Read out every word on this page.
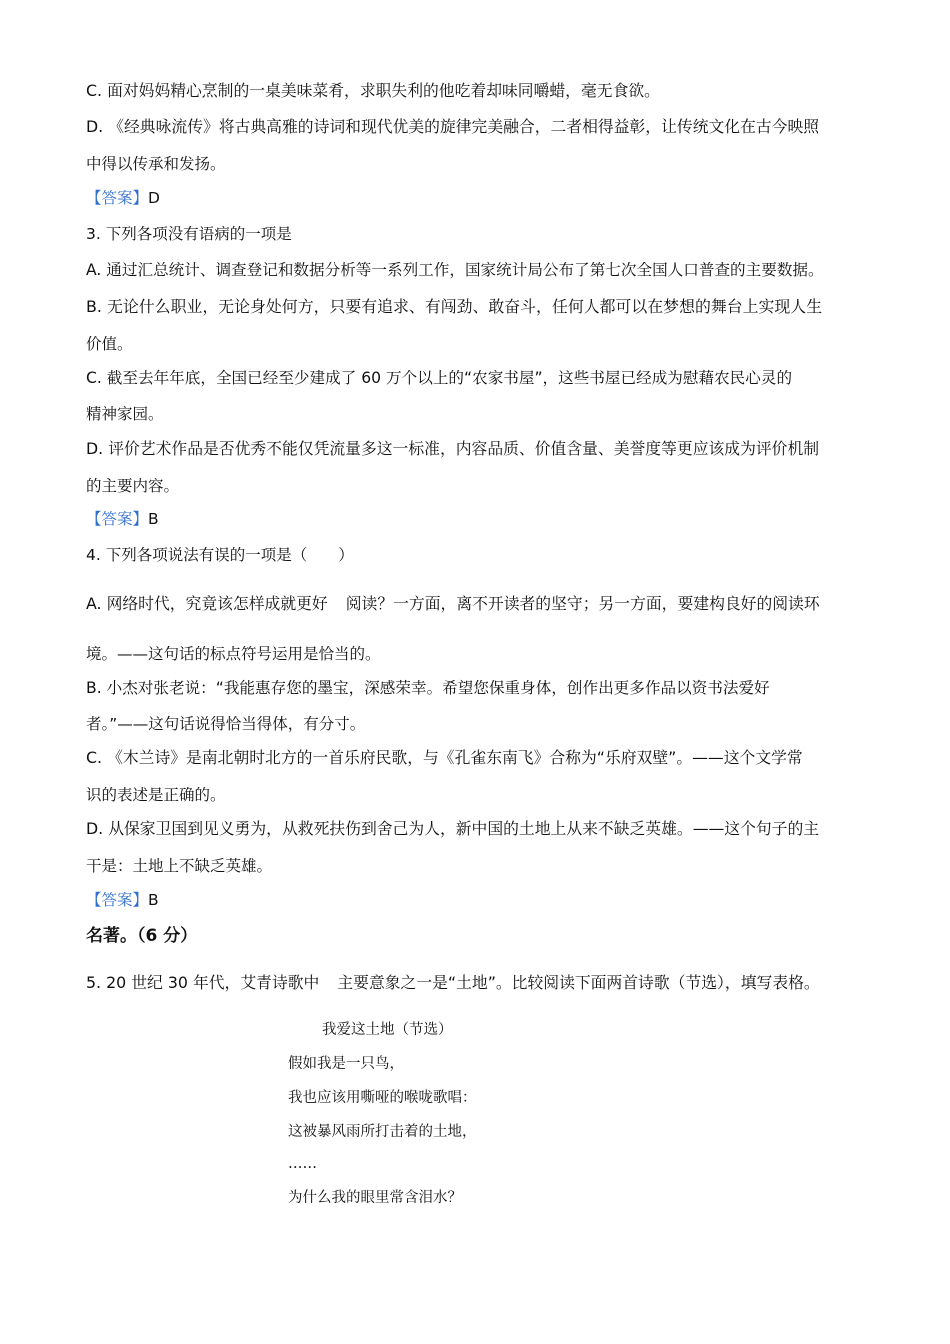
C. 面对妈妈精心烹制的一桌美味菜肴，求职失利的他吃着却味同嚼蜡，毫无食欲。
D. 《经典咏流传》将古典高雅的诗词和现代优美的旋律完美融合，二者相得益彰，让传统文化在古今映照
中得以传承和发扬。
【答案】D
3. 下列各项没有语病的一项是
A. 通过汇总统计、调查登记和数据分析等一系列工作，国家统计局公布了第七次全国人口普查的主要数据。
B. 无论什么职业，无论身处何方，只要有追求、有闯劲、敢奋斗，任何人都可以在梦想的舞台上实现人生
价值。
C. 截至去年年底，全国已经至少建成了 60 万个以上的“农家书屋”，这些书屋已经成为慰藉农民心灵的
精神家园。
D. 评价艺术作品是否优秀不能仅凭流量多这一标准，内容品质、价值含量、美誉度等更应该成为评价机制
的主要内容。
【答案】B
4. 下列各项说法有误的一项是（　　）
A. 网络时代，究竟该怎样成就更好 阅读？一方面，离不开读者的坚守；另一方面，要建构良好的阅读环
境。——这句话的标点符号运用是恰当的。
B. 小杰对张老说：“我能惠存您的墨宝，深感荣幸。希望您保重身体，创作出更多作品以资书法爱好
者。”——这句话说得恰当得体，有分寸。
C. 《木兰诗》是南北朝时北方的一首乐府民歌，与《孔雀东南飞》合称为“乐府双壁”。——这个文学常
识的表述是正确的。
D. 从保家卫国到见义勇为，从救死扶伤到舍己为人，新中国的土地上从来不缺乏英雄。——这个句子的主
干是：土地上不缺乏英雄。
【答案】B
名著。（6 分）
5. 20 世纪 30 年代，艾青诗歌中 主要意象之一是“土地”。比较阅读下面两首诗歌（节选），填写表格。
我爱这土地（节选）
假如我是一只鸟，
我也应该用嘶哑的喉咙歌唱：
这被暴风雨所打击着的土地，
……
为什么我的眼里常含泪水？
